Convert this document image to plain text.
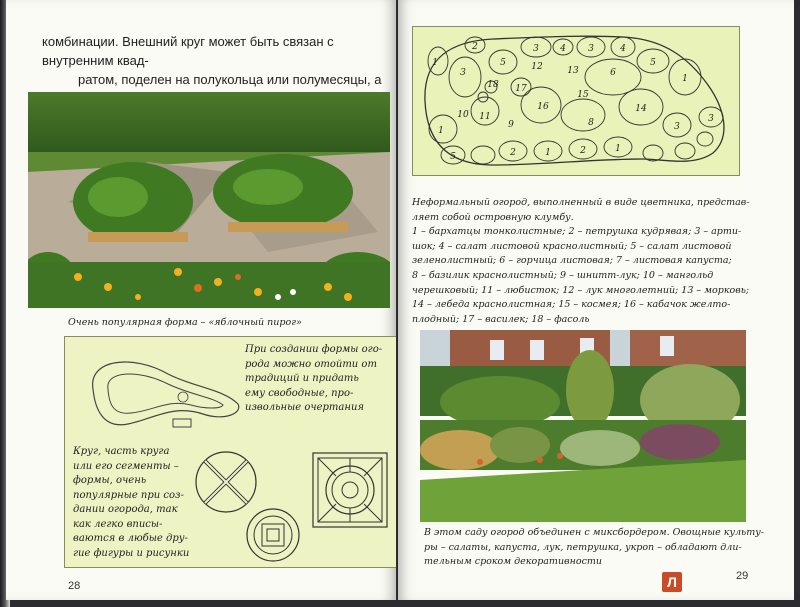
комбинации. Внешний круг может быть связан с внутренним квад-
ратом, поделен на полукольца или полумесяцы, а
Очень популярная форма – «яблочный пирог»
При создании формы ого-
рода можно отойти от
традиций и придать
ему свободные, про-
извольные очертания
Круг, часть круга
или его сегменты –
формы, очень
популярные при соз-
дании огорода, так
как легко вписы-
ваются в любые дру-
гие фигуры и рисунки
28
1
3
2
5
3 4 3	4
5
1
3
3
14
6
15
8
16
17
12	13
18
11
10
1
5	2	1	2	1
9

Неформальный огород, выполненный в виде цветника, представ-

ляет собой островную клумбу.

1 – бархатцы тонколистные; 2 – петрушка кудрявая; 3 – арти-

шок; 4 – салат листовой краснолистный; 5 – салат листовой

зеленолистный; 6 – горчица листовая; 7 – листовая капуста;

8 – базилик краснолистный; 9 – шнитт-лук; 10 – мангольд

черешковый; 11 – любисток; 12 – лук многолетний; 13 – морковь;

14 – лебеда краснолистная; 15 – космея; 16 – кабачок желто-

плодный; 17 – василек; 18 – фасоль

В этом саду огород объединен с миксбордером. Овощные культу-
ры – салаты, капуста, лук, петрушка, укроп – обладают дли-
тельным сроком декоративности
29
Л
